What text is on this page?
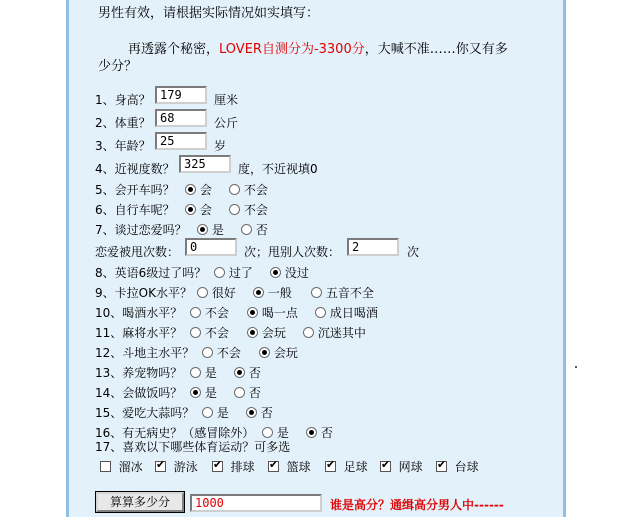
男性有效，请根据实际情况如实填写：
再透露个秘密，LOVER自测分为-3300分，大喊不准……你又有多
少分？
1、身高？ 179	厘米
2、体重？ 68	公斤
3、年龄？ 25	岁
4、近视度数？ 325	度，不近视填0
5、会开车吗？	会	不会
6、自行车呢？	会	不会
7、谈过恋爱吗？	是	否
恋爱被甩次数： 0	次；甩别人次数： 2	次
8、英语6级过了吗？	过了	没过
9、卡拉OK水平？	很好	一般	五音不全
10、喝酒水平？	不会	喝一点	成日喝酒
11、麻将水平？	不会	会玩	沉迷其中
12、斗地主水平？	不会	会玩
13、养宠物吗？	是	否
14、会做饭吗？	是	否
15、爱吃大蒜吗？	是	否
16、有无病史？（感冒除外）	是	否
17、喜欢以下哪些体育运动？可多选
溜冰 ✔	游泳 ✔	排球 ✔	篮球 ✔	足球 ✔	网球 ✔	台球
算算多少分	1000	谁是高分？通缉高分男人中------
